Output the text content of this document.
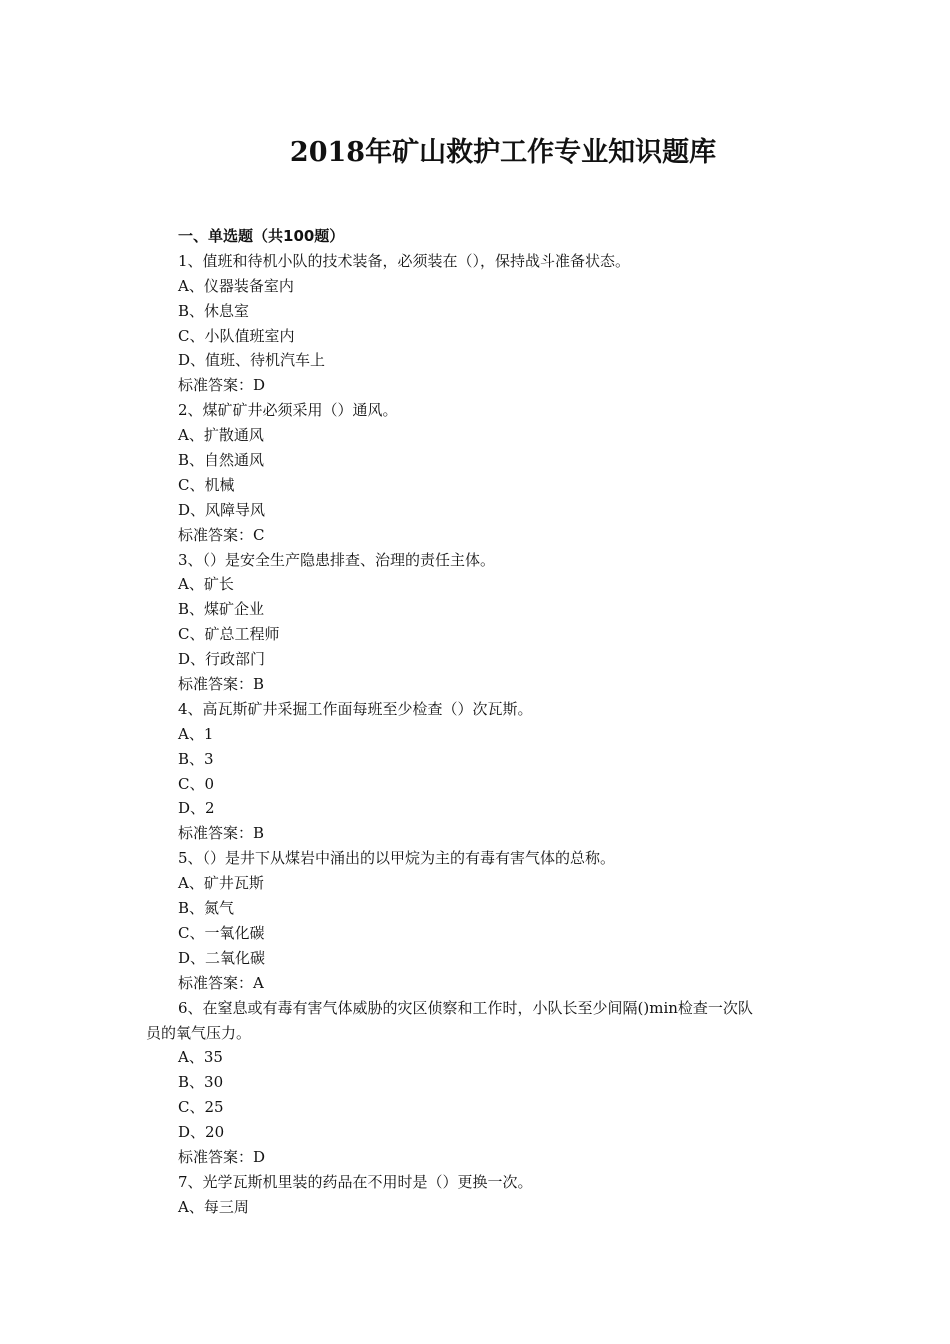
2018年矿山救护工作专业知识题库
一、单选题（共100题）
1、值班和待机小队的技术装备，必须装在（），保持战斗准备状态。
A、仪器装备室内
B、休息室
C、小队值班室内
D、值班、待机汽车上
标准答案：D
2、煤矿矿井必须采用（）通风。
A、扩散通风
B、自然通风
C、机械
D、风障导风
标准答案：C
3、（）是安全生产隐患排查、治理的责任主体。
A、矿长
B、煤矿企业
C、矿总工程师
D、行政部门
标准答案：B
4、高瓦斯矿井采掘工作面每班至少检查（）次瓦斯。
A、1
B、3
C、0
D、2
标准答案：B
5、（）是井下从煤岩中涌出的以甲烷为主的有毒有害气体的总称。
A、矿井瓦斯
B、氮气
C、一氧化碳
D、二氧化碳
标准答案：A
6、在窒息或有毒有害气体威胁的灾区侦察和工作时，小队长至少间隔()min检查一次队
员的氧气压力。
A、35
B、30
C、25
D、20
标准答案：D
7、光学瓦斯机里装的药品在不用时是（）更换一次。
A、每三周
